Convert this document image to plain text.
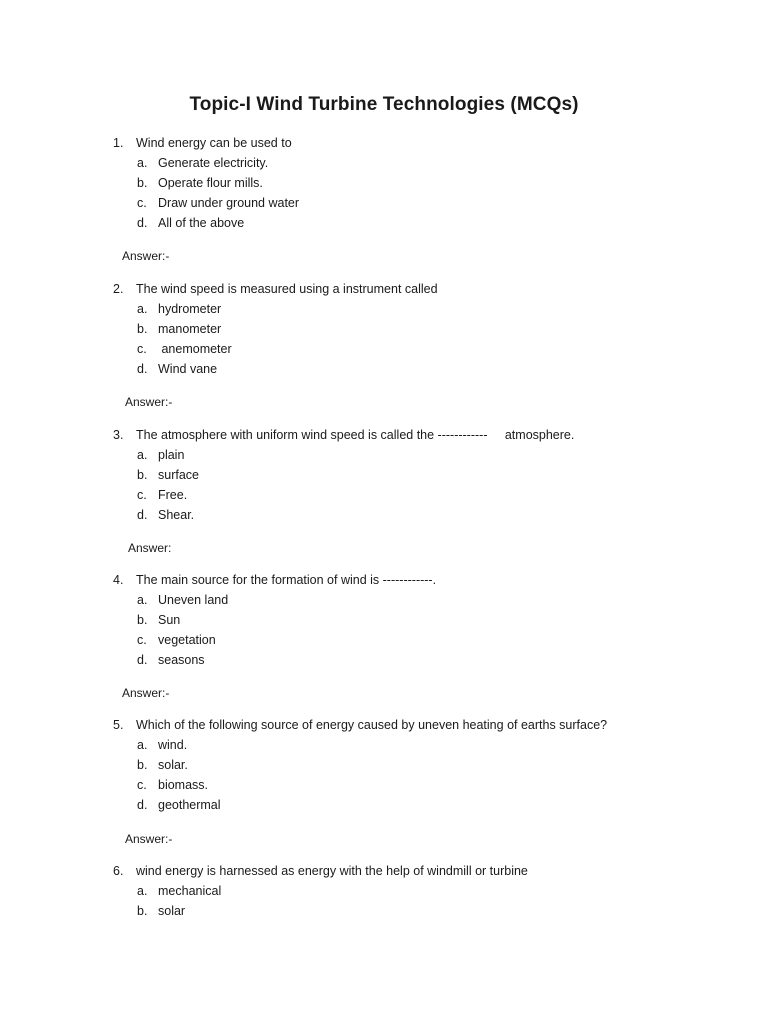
Topic-I Wind Turbine Technologies (MCQs)
1. Wind energy can be used to
a. Generate electricity.
b. Operate flour mills.
c. Draw under ground water
d. All of the above
Answer:-
2. The wind speed is measured using a instrument called
a. hydrometer
b. manometer
c. anemometer
d. Wind vane
Answer:-
3. The atmosphere with uniform wind speed is called the ------------     atmosphere.
a. plain
b. surface
c. Free.
d. Shear.
Answer:
4. The main source for the formation of wind is ------------.
a. Uneven land
b. Sun
c. vegetation
d. seasons
Answer:-
5. Which of the following source of energy caused by uneven heating of earths surface?
a. wind.
b. solar.
c. biomass.
d. geothermal
Answer:-
6. wind energy is harnessed as energy with the help of windmill or turbine
a. mechanical
b. solar
